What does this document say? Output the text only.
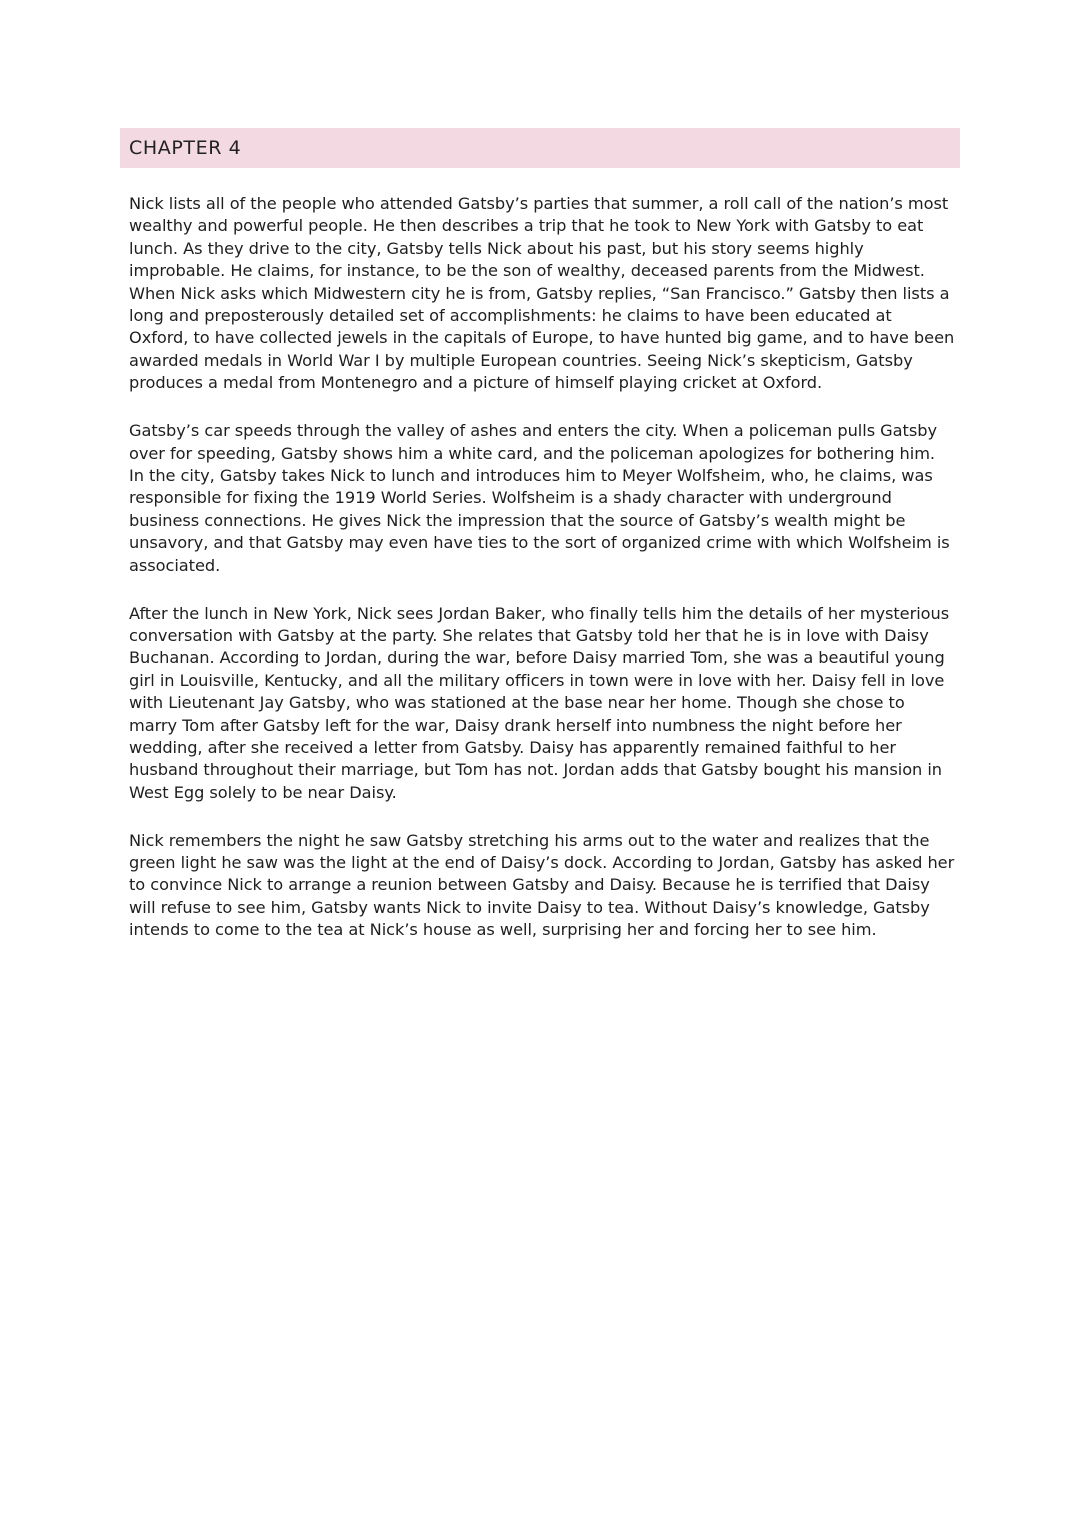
CHAPTER 4

Nick lists all of the people who attended Gatsby’s parties that summer, a roll call of the nation’s most wealthy and powerful people. He then describes a trip that he took to New York with Gatsby to eat lunch. As they drive to the city, Gatsby tells Nick about his past, but his story seems highly improbable. He claims, for instance, to be the son of wealthy, deceased parents from the Midwest. When Nick asks which Midwestern city he is from, Gatsby replies, “San Francisco.” Gatsby then lists a long and preposterously detailed set of accomplishments: he claims to have been educated at Oxford, to have collected jewels in the capitals of Europe, to have hunted big game, and to have been awarded medals in World War I by multiple European countries. Seeing Nick’s skepticism, Gatsby produces a medal from Montenegro and a picture of himself playing cricket at Oxford.

Gatsby’s car speeds through the valley of ashes and enters the city. When a policeman pulls Gatsby over for speeding, Gatsby shows him a white card, and the policeman apologizes for bothering him. In the city, Gatsby takes Nick to lunch and introduces him to Meyer Wolfsheim, who, he claims, was responsible for fixing the 1919 World Series. Wolfsheim is a shady character with underground business connections. He gives Nick the impression that the source of Gatsby’s wealth might be unsavory, and that Gatsby may even have ties to the sort of organized crime with which Wolfsheim is associated.

After the lunch in New York, Nick sees Jordan Baker, who finally tells him the details of her mysterious conversation with Gatsby at the party. She relates that Gatsby told her that he is in love with Daisy Buchanan. According to Jordan, during the war, before Daisy married Tom, she was a beautiful young girl in Louisville, Kentucky, and all the military officers in town were in love with her. Daisy fell in love with Lieutenant Jay Gatsby, who was stationed at the base near her home. Though she chose to marry Tom after Gatsby left for the war, Daisy drank herself into numbness the night before her wedding, after she received a letter from Gatsby. Daisy has apparently remained faithful to her husband throughout their marriage, but Tom has not. Jordan adds that Gatsby bought his mansion in West Egg solely to be near Daisy.

Nick remembers the night he saw Gatsby stretching his arms out to the water and realizes that the green light he saw was the light at the end of Daisy’s dock. According to Jordan, Gatsby has asked her to convince Nick to arrange a reunion between Gatsby and Daisy. Because he is terrified that Daisy will refuse to see him, Gatsby wants Nick to invite Daisy to tea. Without Daisy’s knowledge, Gatsby intends to come to the tea at Nick’s house as well, surprising her and forcing her to see him.
